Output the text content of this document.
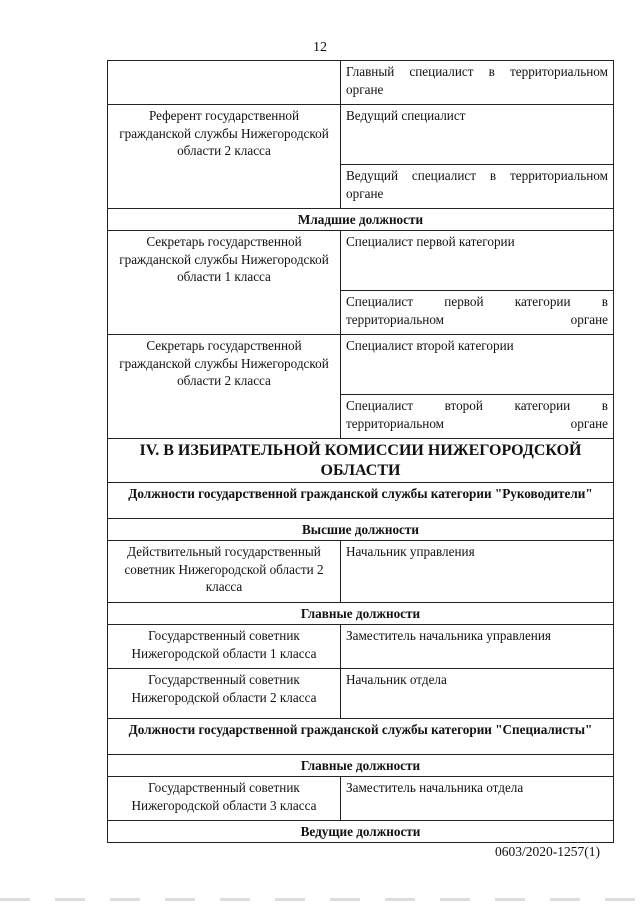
12
	Главный специалист в территориальном органе
Референт государственной гражданской службы Нижегородской области 2 класса	Ведущий специалист
	Ведущий специалист в территориальном органе
Младшие должности	
Секретарь государственной гражданской службы Нижегородской области 1 класса	Специалист первой категории
	Специалист первой категории в территориальном органе
Секретарь государственной гражданской службы Нижегородской области 2 класса	Специалист второй категории
	Специалист второй категории в территориальном органе
IV. В ИЗБИРАТЕЛЬНОЙ КОМИССИИ НИЖЕГОРОДСКОЙ ОБЛАСТИ	
Должности государственной гражданской службы категории "Руководители"	
Высшие должности	
Действительный государственный советник Нижегородской области 2 класса	Начальник управления
Главные должности	
Государственный советник Нижегородской области 1 класса	Заместитель начальника управления
Государственный советник Нижегородской области 2 класса	Начальник отдела
Должности государственной гражданской службы категории "Специалисты"	
Главные должности	
Государственный советник Нижегородской области 3 класса	Заместитель начальника отдела
Ведущие должности	
0603/2020-1257(1)
